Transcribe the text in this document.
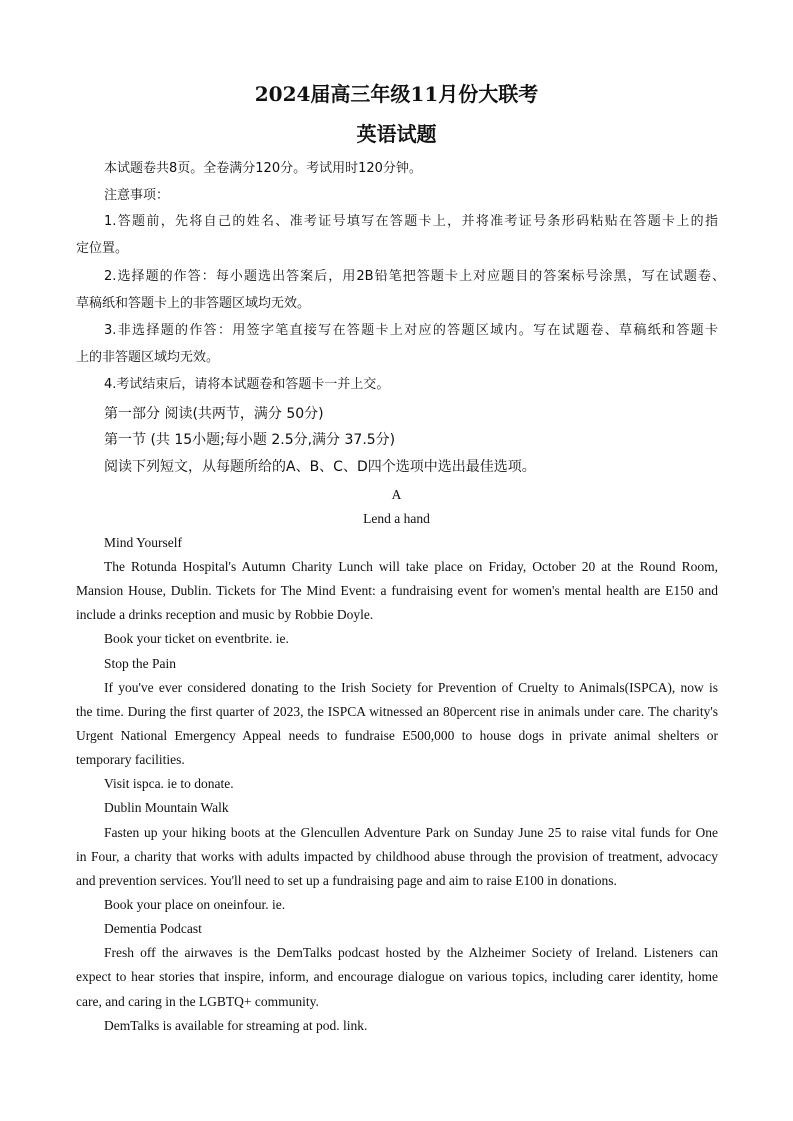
2024届高三年级11月份大联考
英语试题
本试题卷共8页。全卷满分120分。考试用时120分钟。
注意事项：
1.答题前，先将自己的姓名、准考证号填写在答题卡上，并将准考证号条形码粘贴在答题卡上的指
定位置。
2.选择题的作答：每小题选出答案后，用2B铅笔把答题卡上对应题目的答案标号涂黑，写在试题卷、
草稿纸和答题卡上的非答题区域均无效。
3.非选择题的作答：用签字笔直接写在答题卡上对应的答题区域内。写在试题卷、草稿纸和答题卡
上的非答题区域均无效。
4.考试结束后，请将本试题卷和答题卡一并上交。
第一部分 阅读(共两节，满分 50分)
第一节 (共 15小题;每小题 2.5分,满分 37.5分)
阅读下列短文，从每题所给的A、B、C、D四个选项中选出最佳选项。
A
Lend a hand
Mind Yourself
The Rotunda Hospital's Autumn Charity Lunch will take place on Friday, October 20 at the Round Room,
Mansion House, Dublin. Tickets for The Mind Event: a fundraising event for women's mental health are E150 and
include a drinks reception and music by Robbie Doyle.
Book your ticket on eventbrite. ie.
Stop the Pain
If you've ever considered donating to the Irish Society for Prevention of Cruelty to Animals(ISPCA), now is
the time. During the first quarter of 2023, the ISPCA witnessed an 80percent rise in animals under care. The charity's
Urgent National Emergency Appeal needs to fundraise E500,000 to house dogs in private animal shelters or
temporary facilities.
Visit ispca. ie to donate.
Dublin Mountain Walk
Fasten up your hiking boots at the Glencullen Adventure Park on Sunday June 25 to raise vital funds for One
in Four, a charity that works with adults impacted by childhood abuse through the provision of treatment, advocacy
and prevention services. You'll need to set up a fundraising page and aim to raise E100 in donations.
Book your place on oneinfour. ie.
Dementia Podcast
Fresh off the airwaves is the DemTalks podcast hosted by the Alzheimer Society of Ireland. Listeners can
expect to hear stories that inspire, inform, and encourage dialogue on various topics, including carer identity, home
care, and caring in the LGBTQ+ community.
DemTalks is available for streaming at pod. link.
